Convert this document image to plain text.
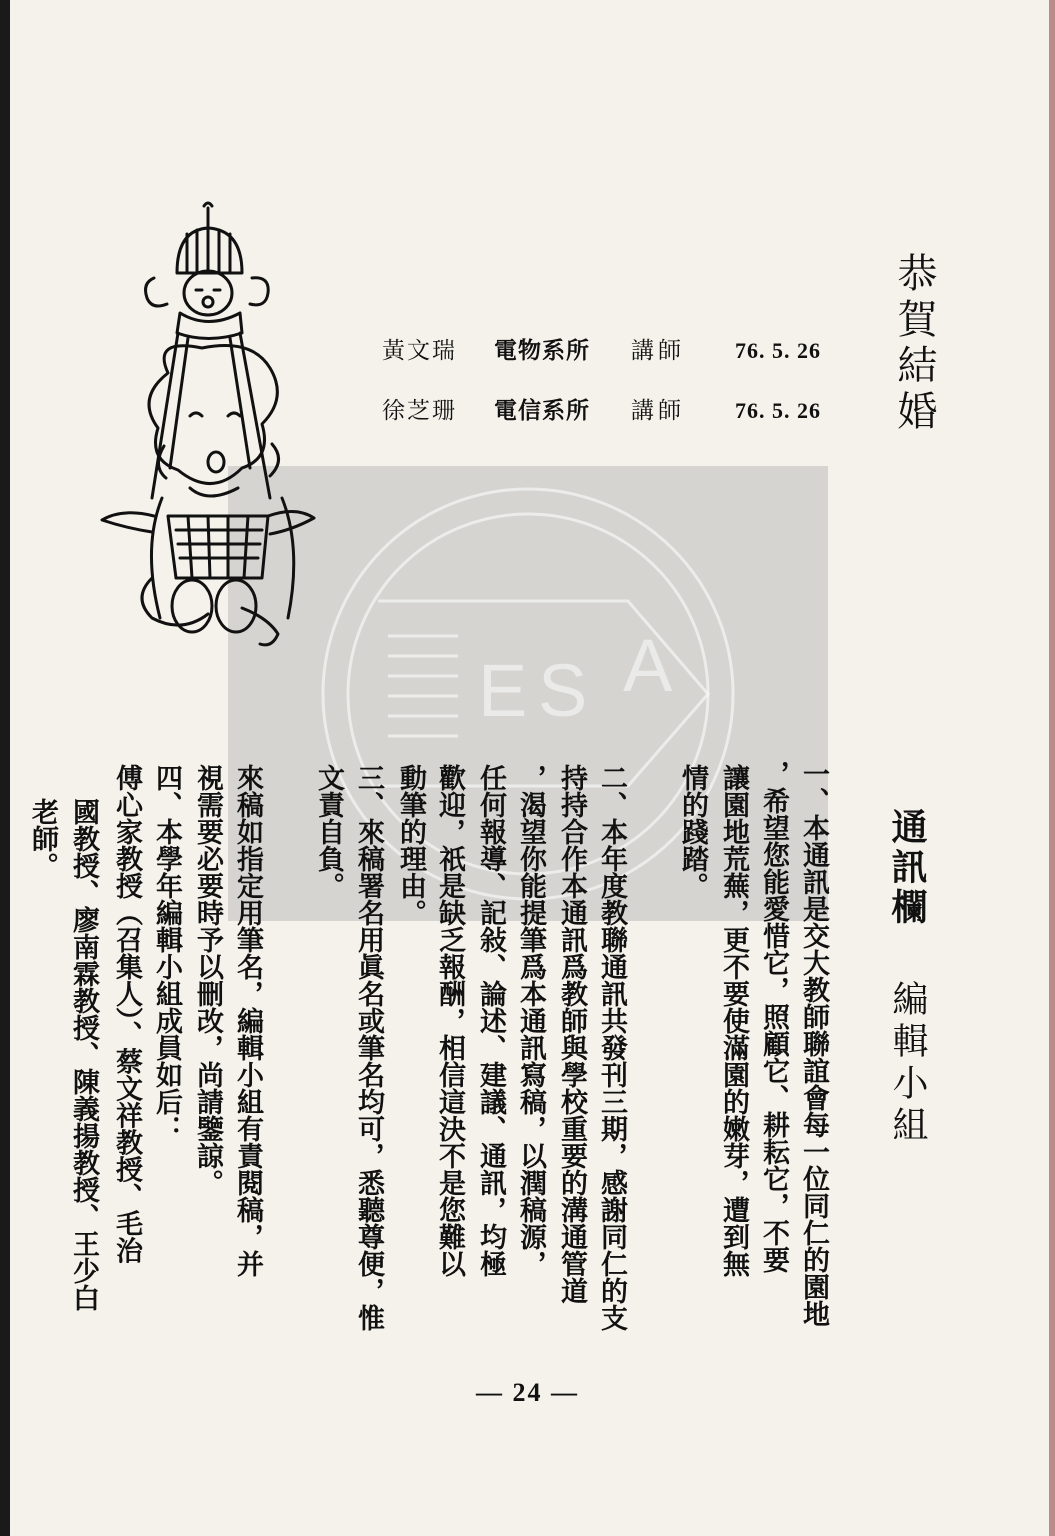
E S A
恭賀結婚
黃文瑞	電物系所	講師	76. 5. 26
徐芝珊	電信系所	講師	76. 5. 26
通訊欄
編輯小組
一、本通訊是交大教師聯誼會每一位同仁的園地
，希望您能愛惜它，照顧它、耕耘它，不要
讓園地荒蕪，更不要使滿園的嫩芽，遭到無
情的踐踏。
二、本年度教聯通訊共發刊三期，感謝同仁的支
持持合作本通訊爲教師與學校重要的溝通管道
，渴望你能提筆爲本通訊寫稿，以潤稿源，
任何報導、記敍、論述、建議、通訊，均極
歡迎，祇是缺乏報酬，相信這決不是您難以
動筆的理由。
三、來稿署名用眞名或筆名均可，悉聽尊便，惟
文責自負。
來稿如指定用筆名，編輯小組有責閱稿，并
視需要必要時予以刪改，尚請鑒諒。
四、本學年編輯小組成員如后：
傅心家教授（召集人）、蔡文祥教授、毛治
國教授、廖南霖教授、陳義揚教授、王少白
老師。
— 24 —
